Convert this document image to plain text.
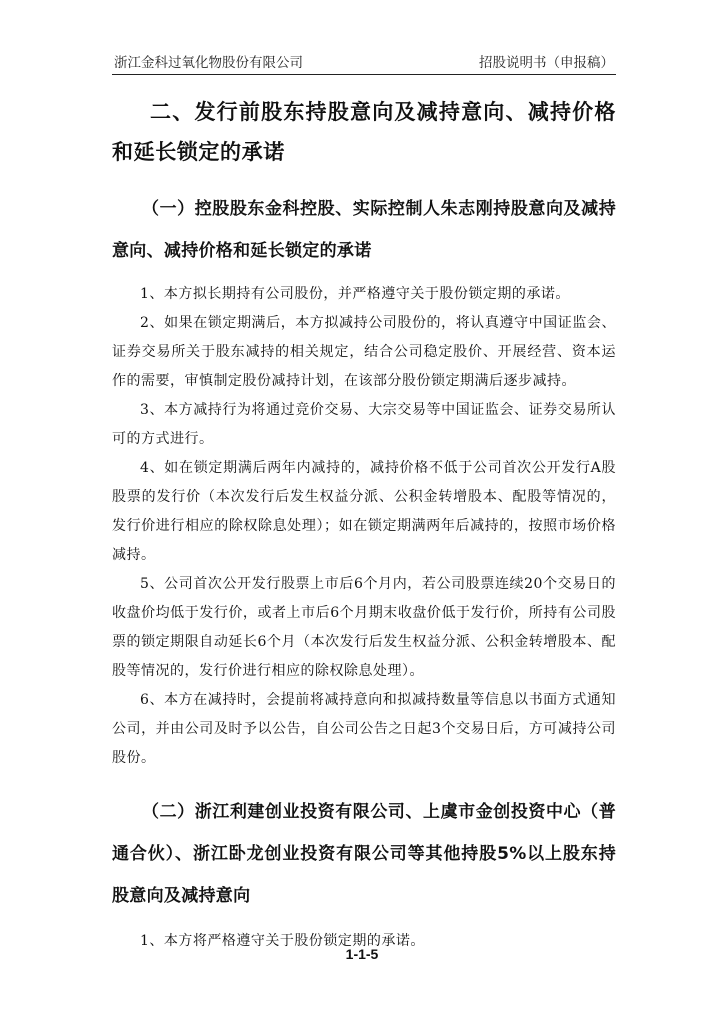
浙江金科过氧化物股份有限公司	招股说明书（申报稿）

二、发行前股东持股意向及减持意向、减持价格和延长锁定的承诺

（一）控股股东金科控股、实际控制人朱志刚持股意向及减持意向、减持价格和延长锁定的承诺

1、本方拟长期持有公司股份，并严格遵守关于股份锁定期的承诺。

2、如果在锁定期满后，本方拟减持公司股份的，将认真遵守中国证监会、证券交易所关于股东减持的相关规定，结合公司稳定股价、开展经营、资本运作的需要，审慎制定股份减持计划，在该部分股份锁定期满后逐步减持。

3、本方减持行为将通过竞价交易、大宗交易等中国证监会、证券交易所认可的方式进行。

4、如在锁定期满后两年内减持的，减持价格不低于公司首次公开发行A股股票的发行价（本次发行后发生权益分派、公积金转增股本、配股等情况的，发行价进行相应的除权除息处理）；如在锁定期满两年后减持的，按照市场价格减持。

5、公司首次公开发行股票上市后6个月内，若公司股票连续20个交易日的收盘价均低于发行价，或者上市后6个月期末收盘价低于发行价，所持有公司股票的锁定期限自动延长6个月（本次发行后发生权益分派、公积金转增股本、配股等情况的，发行价进行相应的除权除息处理）。

6、本方在减持时，会提前将减持意向和拟减持数量等信息以书面方式通知公司，并由公司及时予以公告，自公司公告之日起3个交易日后，方可减持公司股份。

（二）浙江利建创业投资有限公司、上虞市金创投资中心（普通合伙）、浙江卧龙创业投资有限公司等其他持股5%以上股东持股意向及减持意向

1、本方将严格遵守关于股份锁定期的承诺。

1-1-5
